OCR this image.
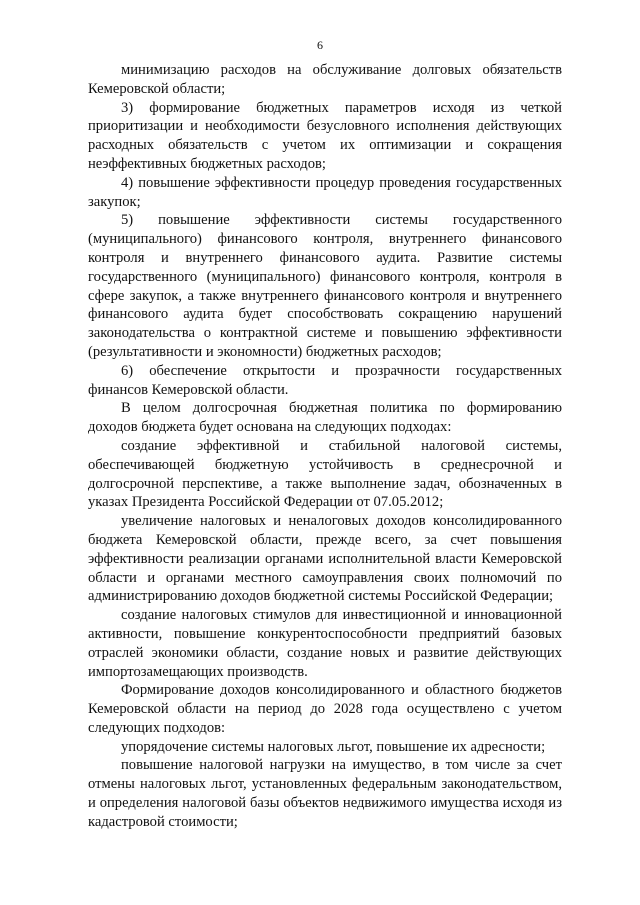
6

минимизацию расходов на обслуживание долговых обязательств Кемеровской области;

3) формирование бюджетных параметров исходя из четкой приоритизации и необходимости безусловного исполнения действующих расходных обязательств с учетом их оптимизации и сокращения неэффективных бюджетных расходов;

4) повышение эффективности процедур проведения государственных закупок;

5) повышение эффективности системы государственного (муниципального) финансового контроля, внутреннего финансового контроля и внутреннего финансового аудита. Развитие системы государственного (муниципального) финансового контроля, контроля в сфере закупок, а также внутреннего финансового контроля и внутреннего финансового аудита будет способствовать сокращению нарушений законодательства о контрактной системе и повышению эффективности (результативности и экономности) бюджетных расходов;

6) обеспечение открытости и прозрачности государственных финансов Кемеровской области.

В целом долгосрочная бюджетная политика по формированию доходов бюджета будет основана на следующих подходах:

создание эффективной и стабильной налоговой системы, обеспечивающей бюджетную устойчивость в среднесрочной и долгосрочной перспективе, а также выполнение задач, обозначенных в указах Президента Российской Федерации от 07.05.2012;

увеличение налоговых и неналоговых доходов консолидированного бюджета Кемеровской области, прежде всего, за счет повышения эффективности реализации органами исполнительной власти Кемеровской области и органами местного самоуправления своих полномочий по администрированию доходов бюджетной системы Российской Федерации;

создание налоговых стимулов для инвестиционной и инновационной активности, повышение конкурентоспособности предприятий базовых отраслей экономики области, создание новых и развитие действующих импортозамещающих производств.

Формирование доходов консолидированного и областного бюджетов Кемеровской области на период до 2028 года осуществлено с учетом следующих подходов:

упорядочение системы налоговых льгот, повышение их адресности;

повышение налоговой нагрузки на имущество, в том числе за счет отмены налоговых льгот, установленных федеральным законодательством, и определения налоговой базы объектов недвижимого имущества исходя из кадастровой стоимости;
